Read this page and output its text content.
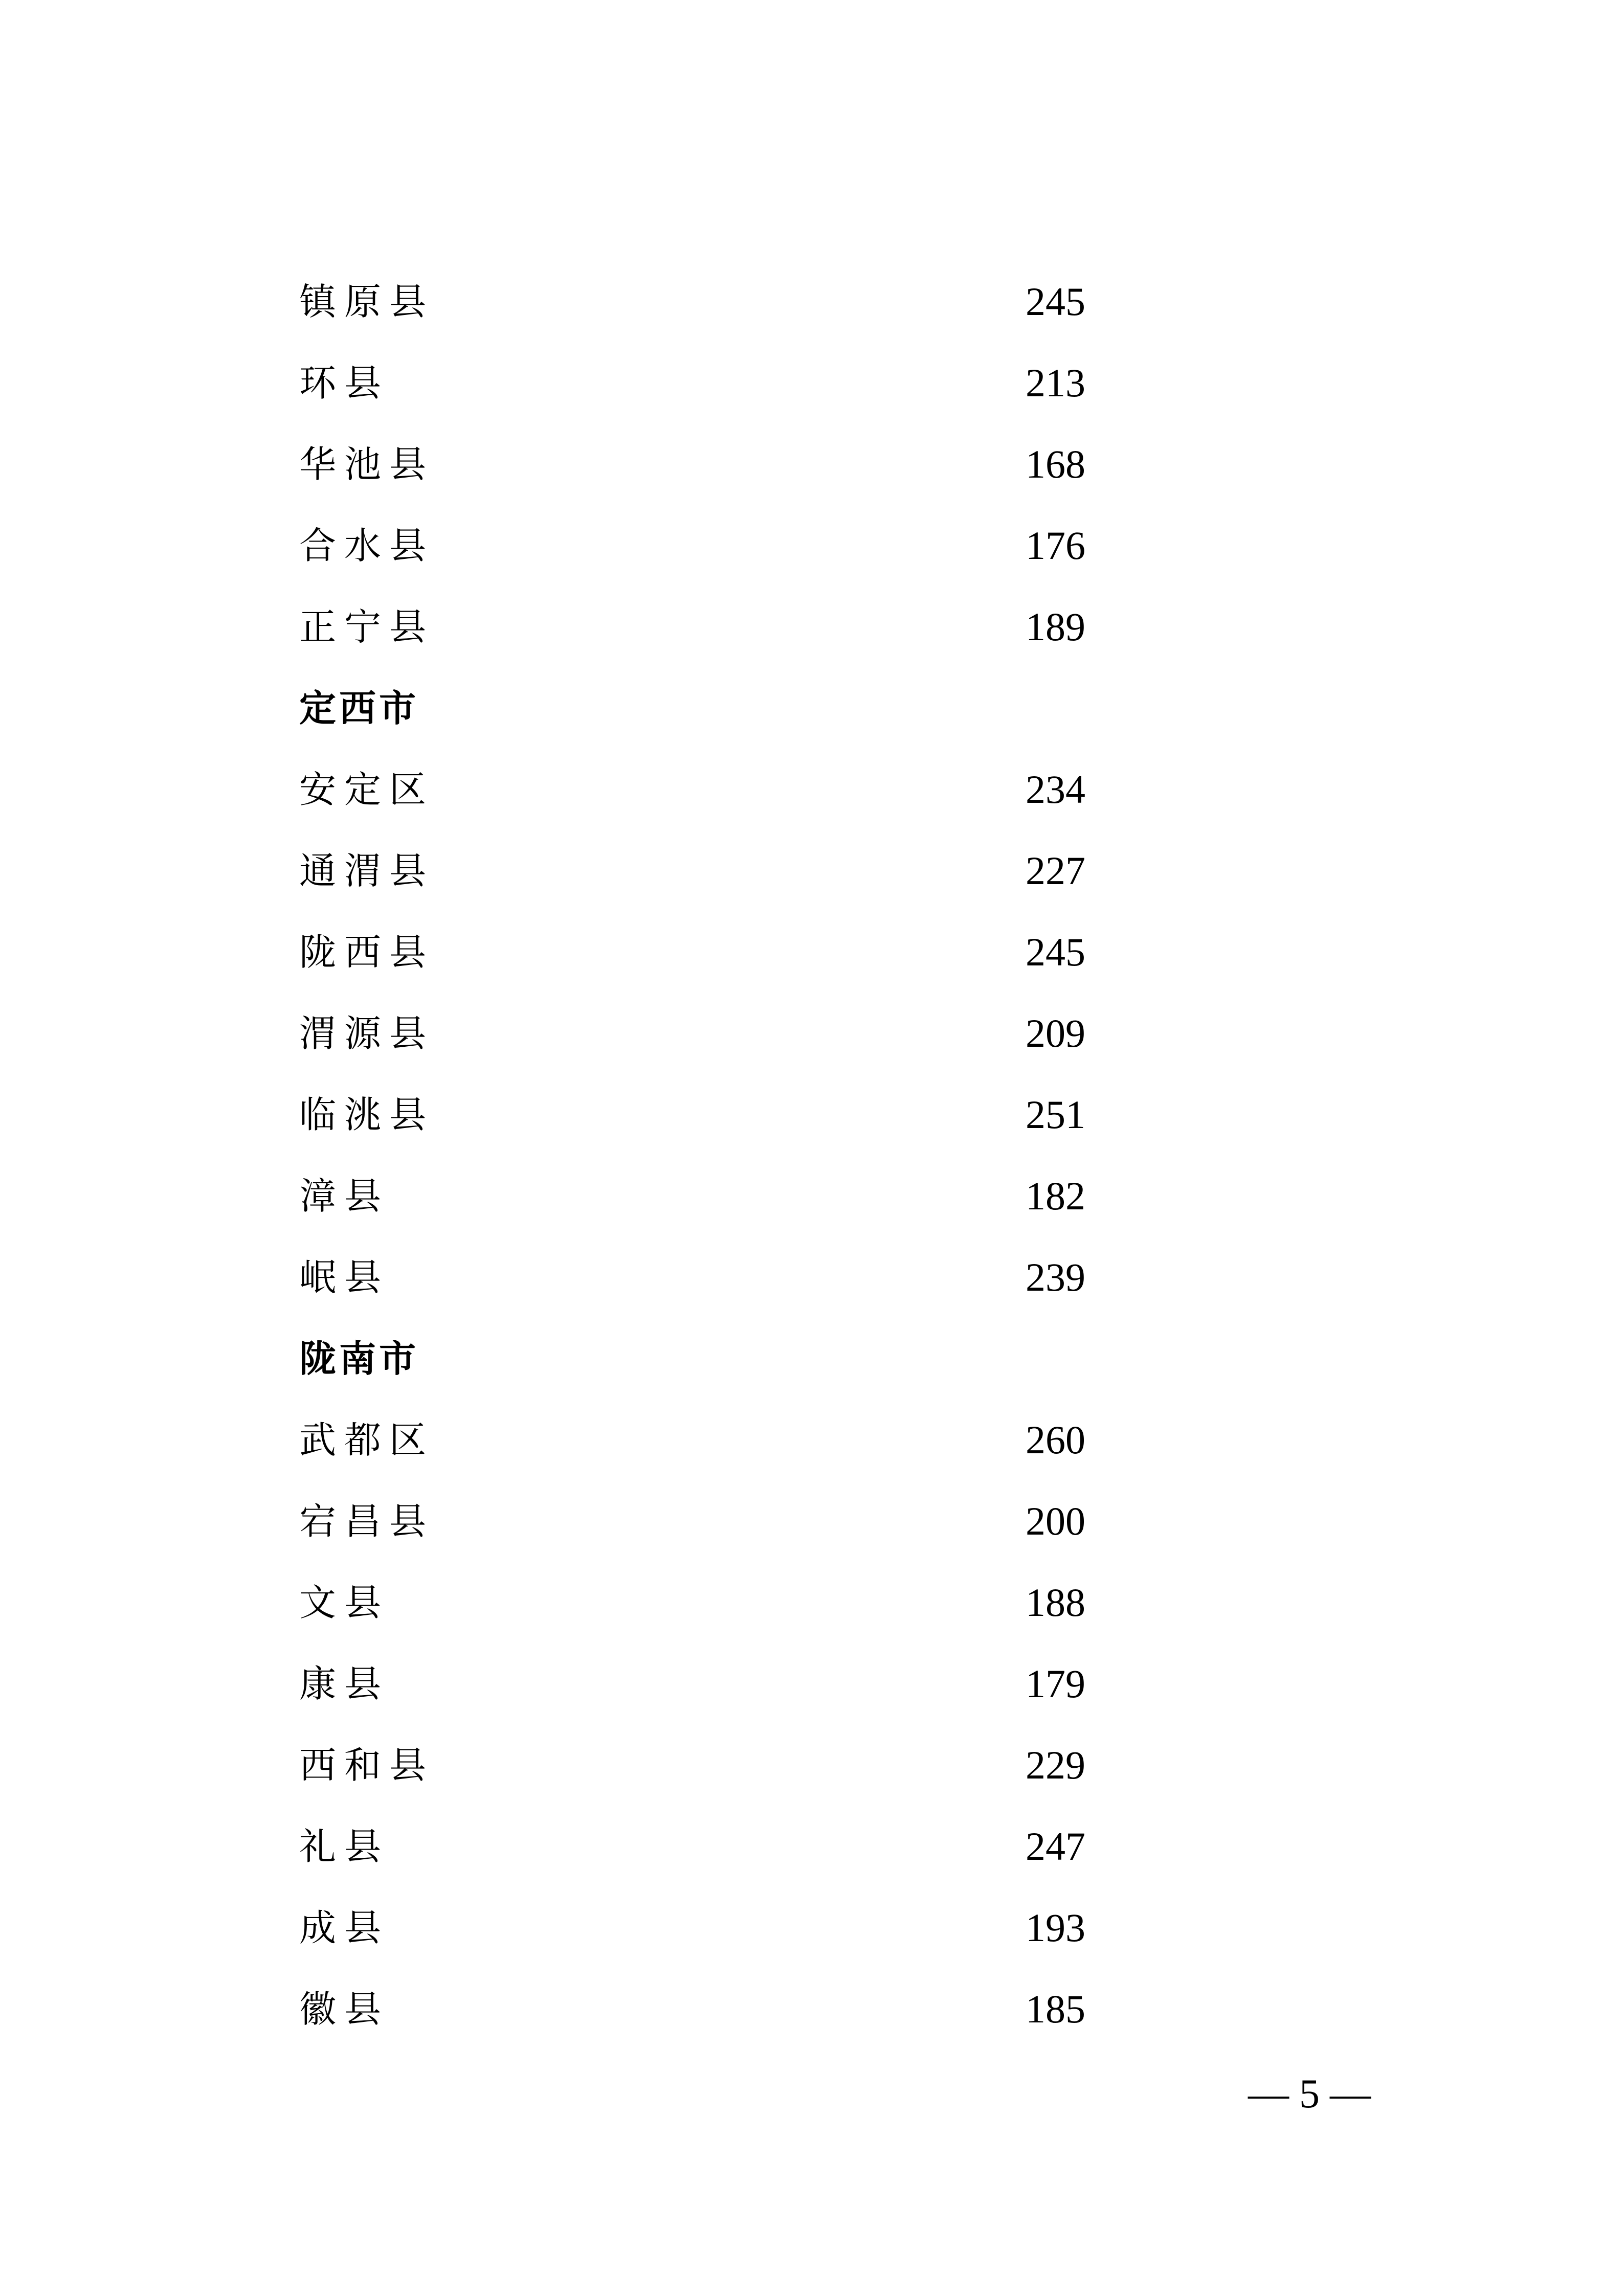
镇原县	245
环县	213
华池县	168
合水县	176
正宁县	189
定西市
安定区	234
通渭县	227
陇西县	245
渭源县	209
临洮县	251
漳县	182
岷县	239
陇南市
武都区	260
宕昌县	200
文县	188
康县	179
西和县	229
礼县	247
成县	193
徽县	185
— 5 —
